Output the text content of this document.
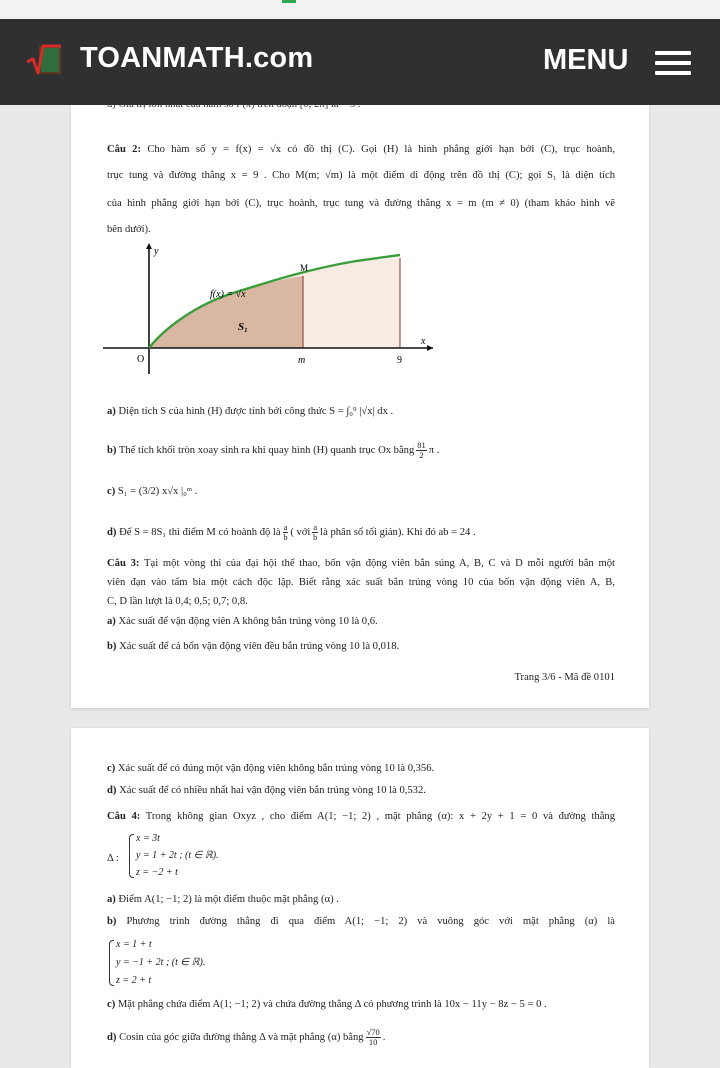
TOANMATH.com	MENU
d) Giá trị lớn nhất của hàm số f (x) trên đoạn [0; 2π] là − 3 .
Câu 2: Cho hàm số y = f(x) = √x có đồ thị (C). Gọi (H) là hình phẳng giới hạn bởi (C), trục hoành,
trục tung và đường thẳng x = 9 . Cho M(m; √m) là một điểm di động trên đồ thị (C); gọi S₁ là diện tích
của hình phẳng giới hạn bởi (C), trục hoành, trục tung và đường thẳng x = m (m ≠ 0) (tham khảo hình vẽ
bên dưới).
y
x
O
f(x) = √x
M
S₁
m	9
a) Diện tích S của hình (H) được tính bởi công thức S = ∫₀⁹ |√x| dx .
b) Thể tích khối tròn xoay sinh ra khi quay hình (H) quanh trục Ox bằng $\frac{81}{2}$ π .
c) S₁ = (3/2) x√x |₀ᵐ .
d) Để S = 8S₁ thì điểm M có hoành độ là $\frac{a}{b}$ ( với $\frac{a}{b}$ là phân số tối giản). Khi đó ab = 24 .
Câu 3: Tại một vòng thi của đại hội thể thao, bốn vận động viên bắn súng A, B, C và D mỗi người bắn một
viên đạn vào tấm bia một cách độc lập. Biết rằng xác suất bắn trúng vòng 10 của bốn vận động viên A, B,
C, D lần lượt là 0,4; 0,5; 0,7; 0,8.
a) Xác suất để vận động viên A không bắn trúng vòng 10 là 0,6.
b) Xác suất để cả bốn vận động viên đều bắn trúng vòng 10 là 0,018.
Trang 3/6 - Mã đề 0101
c) Xác suất để có đúng một vận động viên không bắn trúng vòng 10 là 0,356.
d) Xác suất để có nhiều nhất hai vận động viên bắn trúng vòng 10 là 0,532.
Câu 4: Trong không gian Oxyz , cho điểm A(1; −1; 2) , mặt phẳng (α): x + 2y + 1 = 0 và đường thẳng
Δ :
x = 3t
y = 1 + 2t ; (t ∈ ℝ).
z = −2 + t
a) Điểm A(1; −1; 2) là một điểm thuộc mặt phẳng (α) .
b) Phương trình đường thẳng đi qua điểm A(1; −1; 2) và vuông góc với mặt phẳng (α) là
x = 1 + t
y = −1 + 2t ; (t ∈ ℝ).
z = 2 + t
c) Mặt phẳng chứa điểm A(1; −1; 2) và chứa đường thẳng Δ có phương trình là 10x − 11y − 8z − 5 = 0 .
d) Cosin của góc giữa đường thẳng Δ và mặt phẳng (α) bằng $\frac{√70}{10}$ .
